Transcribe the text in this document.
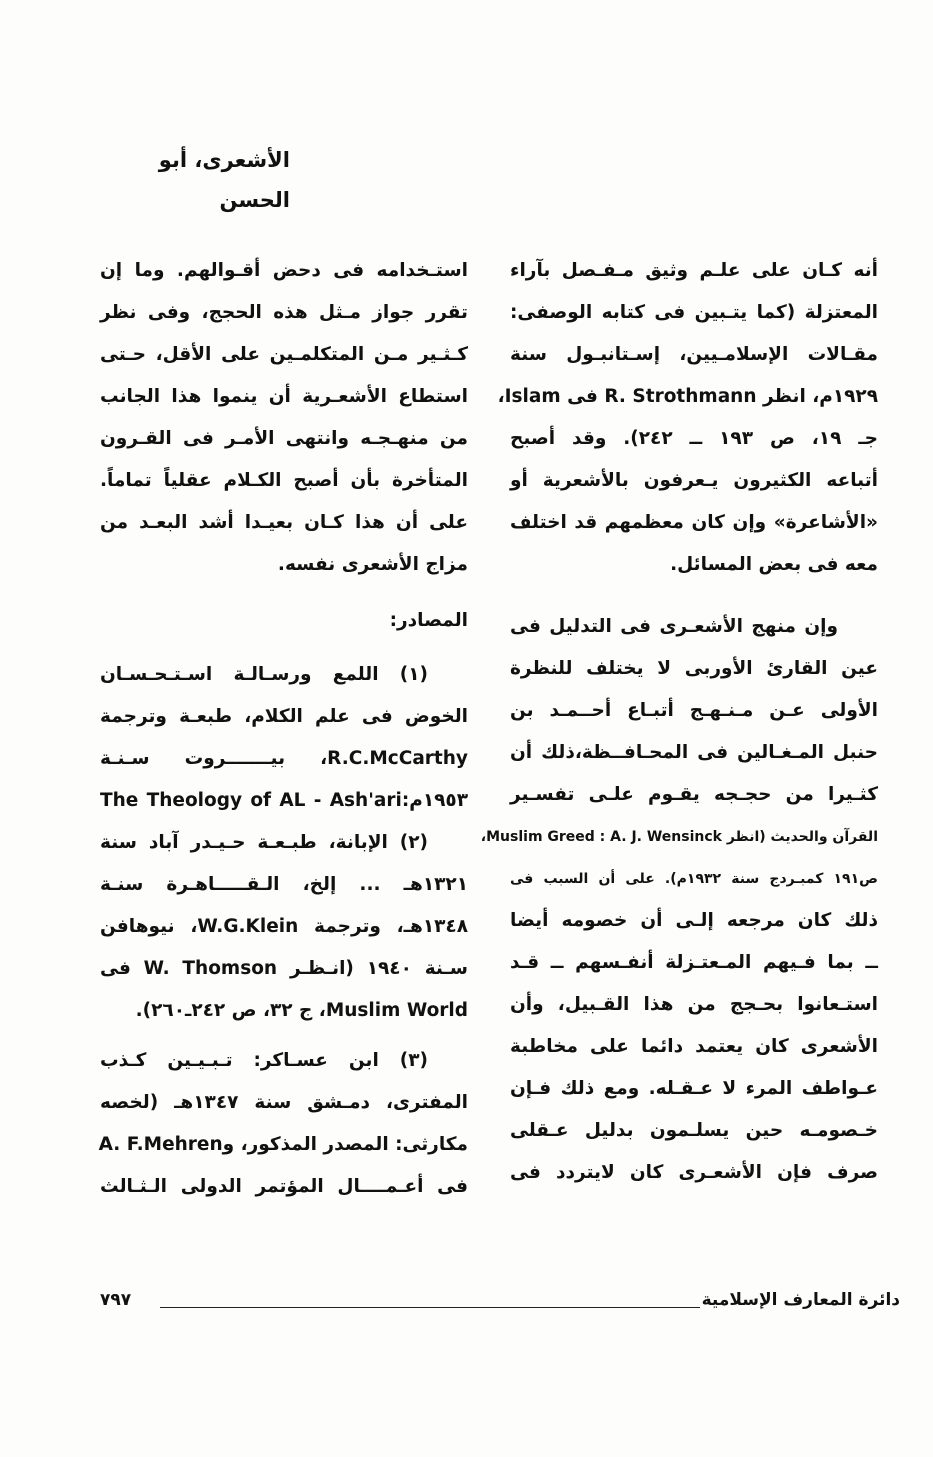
الأشعرى، أبو الحسن
أنه كـان على علـم وثيق مـفـصل بآراء
المعتزلة (كما يتـبين فى كتابه الوصفى:
مقـالات الإسلامـيين، إسـتانبـول سنة
١٩٢٩م، انظر R. Strothmann فى Islam،
جـ ١٩، ص ١٩٣ ــ ٢٤٢). وقد أصبح
أتباعه الكثيرون يـعرفون بالأشعرية أو
«الأشاعرة» وإن كان معظمهم قد اختلف
معه فى بعض المسائل.
وإن منهج الأشعـرى فى التدليل فى
عين القارئ الأوربى لا يختلف للنظرة
الأولى عـن مـنـهـج أتبـاع أحــمـد بن
حنبل المـغـالين فى المحـافــظة،ذلك أن
كثـيرا من حجـجه يقـوم علـى تفسـير
القرآن والحديث (انظر Muslim Greed : A. J. Wensinck،
ص١٩١ كمبـردج سنة ١٩٣٢م). على أن السبب فى
ذلك كان مرجعه إلـى أن خصومه أيضا
ــ بما فـيهم المـعتـزلة أنفـسهم ــ قـد
استـعانوا بحـجج من هذا القـبيل، وأن
الأشعرى كان يعتمد دائما على مخاطبة
عـواطف المرء لا عـقـله. ومع ذلك فـإن
خـصومـه حين يسلـمون بدليل عـقلى
صرف فإن الأشعـرى كان لايتردد فى
استـخدامه فى دحض أقـوالهم. وما إن
تقرر جواز مـثل هذه الحجج، وفى نظر
كـثـير مـن المتكلمـين على الأقل، حـتى
استطاع الأشعـرية أن ينموا هذا الجانب
من منهـجـه وانتهى الأمـر فى القـرون
المتأخرة بأن أصبح الكـلام عقلياً تماماً.
على أن هذا كـان بعيـدا أشد البعـد من
مزاج الأشعرى نفسه.
المصادر:
(١) اللمع ورسـالـة اسـتـحـسـان
الخوض فى علم الكلام، طبعـة وترجمة
R.C.McCarthy، بيـــــــروت سـنـة
١٩٥٣م:The Theology of AL - Ash'ari
(٢) الإبانة، طبـعـة حـيـدر آباد سنة
١٣٢١هـ ... إلخ، الـقـــــاهـرة سنـة
١٣٤٨هـ، وترجمة W.G.Klein، نيوهافن
سـنة ١٩٤٠ (انـظـر W. Thomson فى
Muslim World، ج ٣٢، ص ٢٤٢ـ٢٦٠).
(٣) ابن عسـاكر: تـبـيـين كـذب
المفترى، دمـشق سنة ١٣٤٧هـ (لخصه
مكارثى: المصدر المذكور، وA. F.Mehren
فى أعـمــــال المؤتمر الدولى الـثـالث
٧٩٧	دائرة المعارف الإسلامية
